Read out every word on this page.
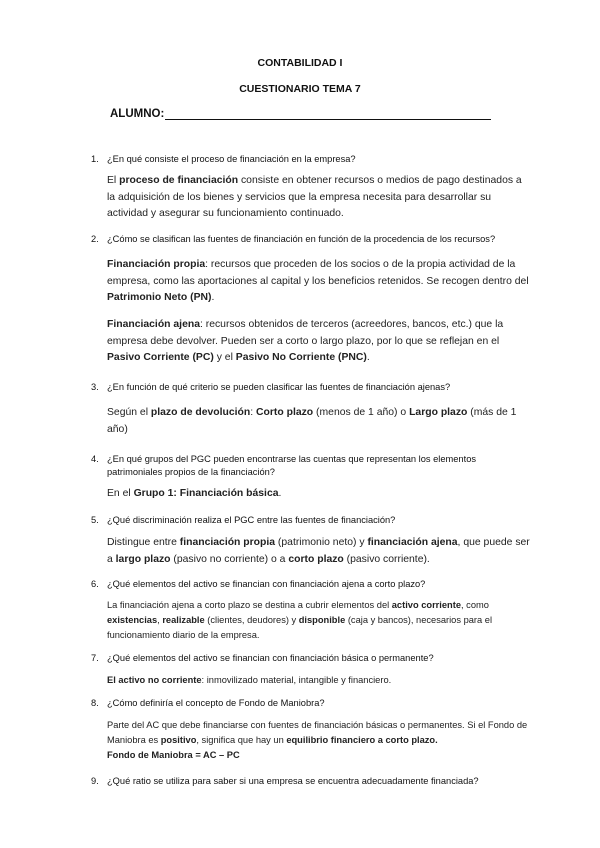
CONTABILIDAD I
CUESTIONARIO TEMA 7
ALUMNO:
1. ¿En qué consiste el proceso de financiación en la empresa?
El proceso de financiación consiste en obtener recursos o medios de pago destinados a la adquisición de los bienes y servicios que la empresa necesita para desarrollar su actividad y asegurar su funcionamiento continuado.
2. ¿Cómo se clasifican las fuentes de financiación en función de la procedencia de los recursos?
Financiación propia: recursos que proceden de los socios o de la propia actividad de la empresa, como las aportaciones al capital y los beneficios retenidos. Se recogen dentro del Patrimonio Neto (PN).
Financiación ajena: recursos obtenidos de terceros (acreedores, bancos, etc.) que la empresa debe devolver. Pueden ser a corto o largo plazo, por lo que se reflejan en el Pasivo Corriente (PC) y el Pasivo No Corriente (PNC).
3. ¿En función de qué criterio se pueden clasificar las fuentes de financiación ajenas?
Según el plazo de devolución: Corto plazo (menos de 1 año) o Largo plazo (más de 1 año)
4. ¿En qué grupos del PGC pueden encontrarse las cuentas que representan los elementos patrimoniales propios de la financiación?
En el Grupo 1: Financiación básica.
5. ¿Qué discriminación realiza el PGC entre las fuentes de financiación?
Distingue entre financiación propia (patrimonio neto) y financiación ajena, que puede ser a largo plazo (pasivo no corriente) o a corto plazo (pasivo corriente).
6. ¿Qué elementos del activo se financian con financiación ajena a corto plazo?
La financiación ajena a corto plazo se destina a cubrir elementos del activo corriente, como existencias, realizable (clientes, deudores) y disponible (caja y bancos), necesarios para el funcionamiento diario de la empresa.
7. ¿Qué elementos del activo se financian con financiación básica o permanente?
El activo no corriente: inmovilizado material, intangible y financiero.
8. ¿Cómo definiría el concepto de Fondo de Maniobra?
Parte del AC que debe financiarse con fuentes de financiación básicas o permanentes. Si el Fondo de Maniobra es positivo, significa que hay un equilibrio financiero a corto plazo.
Fondo de Maniobra = AC – PC
9. ¿Qué ratio se utiliza para saber si una empresa se encuentra adecuadamente financiada?
